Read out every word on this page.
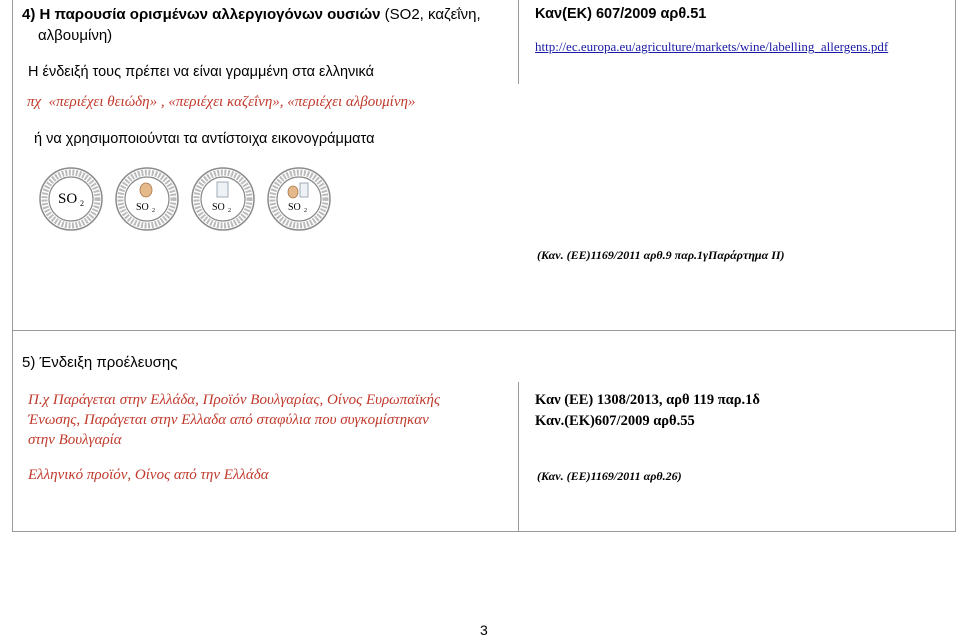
4) Η παρουσία ορισμένων αλλεργιογόνων ουσιών (SO2, καζεΐνη,
αλβουμίνη)
Η ένδειξή τους πρέπει να είναι γραμμένη στα ελληνικά
Καν(ΕΚ) 607/2009 αρθ.51
http://ec.europa.eu/agriculture/markets/wine/labelling_allergens.pdf
πχ «περιέχει θειώδη» , «περιέχει καζεΐνη», «περιέχει αλβουμίνη»
ή να χρησιμοποιούνται τα αντίστοιχα εικονογράμματα
SO 2	SO 2	SO 2	SO 2
(Καν. (ΕΕ)1169/2011 αρθ.9 παρ.1γΠαράρτημα ΙΙ)
5) Ένδειξη προέλευσης
Π.χ Παράγεται στην Ελλάδα, Προϊόν Βουλγαρίας, Οίνος Ευρωπαϊκής
Ένωσης, Παράγεται στην Ελλαδα από σταφύλια που συγκομίστηκαν
στην Βουλγαρία
Ελληνικό προϊόν, Οίνος από την Ελλάδα
Καν (ΕΕ) 1308/2013, αρθ 119 παρ.1δ
Καν.(ΕΚ)607/2009 αρθ.55
(Καν. (ΕΕ)1169/2011 αρθ.26)
3
